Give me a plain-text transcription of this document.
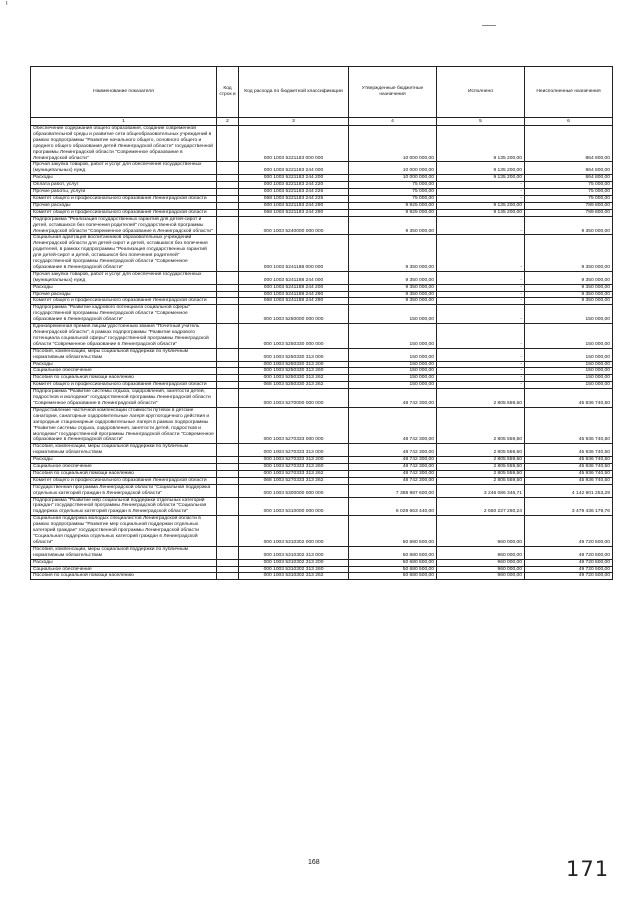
ι
Наименование показателя	Код строк и	Код расхода по бюджетной классификации	Утвержденные бюджетные назначения	Исполнено	Неисполненные назначения
1	2	3	4	5	6
Обеспечение содержания общего образования, создание современной образовательной среды и развитие сети общеобразовательных учреждений в рамках подпрограммы "Развитие начального общего, основного общего и среднего общего образования детей Ленинградской области" государственной программы Ленинградской области "Современное образование в Ленинградской области"		000 1003 5221183 000 000	10 000 000,00	9 135 200,00	864 800,00
Прочая закупка товаров, работ и услуг для обеспечения государственных (муниципальных) нужд		000 1003 5221183 244 000	10 000 000,00	9 135 200,00	864 800,00
Расходы		000 1003 5221183 244 200	10 000 000,00	9 135 200,00	864 800,00
Оплата работ, услуг		000 1003 5221183 244 220	75 000,00	-	75 000,00
Прочие работы, услуги		000 1003 5221183 244 226	75 000,00	-	75 000,00
Комитет общего и профессионального образования Ленинградской области		068 1003 5221183 244 226	75 000,00	-	75 000,00
Прочие расходы		000 1003 5221183 244 290	9 925 000,00	9 135 200,00	789 800,00
Комитет общего и профессионального образования Ленинградской области		068 1003 5221183 244 290	9 925 000,00	9 135 200,00	789 800,00
Подпрограмма "Реализация государственных гарантий для детей-сирот и детей, оставшихся без попечения родителей" государственной программы Ленинградской области "Современное образование в Ленинградской области"		000 1003 5240000 000 000	9 350 000,00	-	9 350 000,00
Социальная адаптация воспитанников образовательных учреждений Ленинградской области для детей-сирот и детей, оставшихся без попечения родителей, в рамках подпрограммы "Реализация государственных гарантий для детей-сирот и детей, оставшихся без попечения родителей" государственной программы Ленинградской области "Современное образование в Ленинградской области"		000 1003 5241188 000 000	9 350 000,00	-	9 350 000,00
Прочая закупка товаров, работ и услуг для обеспечения государственных (муниципальных) нужд		000 1003 5241188 244 000	9 350 000,00	-	9 350 000,00
Расходы		000 1003 5241188 244 200	9 350 000,00	-	9 350 000,00
Прочие расходы		000 1003 5241188 244 290	9 350 000,00	-	9 350 000,00
Комитет общего и профессионального образования Ленинградской области		068 1003 5241188 244 290	9 350 000,00	-	9 350 000,00
Подпрограмма "Развитие кадрового потенциала социальной сферы" государственной программы Ленинградской области "Современное образование в Ленинградской области"		000 1003 5250000 000 000	150 000,00	-	150 000,00
Единовременная премия лицам удостоенным звания "Почетный учитель Ленинградской области", в рамках подпрограммы "Развитие кадрового потенциала социальной сферы" государственной программы Ленинградской области "Современное образование в Ленинградской области"		000 1003 5250330 000 000	150 000,00	-	150 000,00
Пособия, компенсации, меры социальной поддержки по публичным нормативным обязательствам		000 1003 5250330 313 000	150 000,00	-	150 000,00
Расходы		000 1003 5250330 313 200	150 000,00	-	150 000,00
Социальное обеспечение		000 1003 5250330 313 260	150 000,00	-	150 000,00
Пособия по социальной помощи населению		000 1003 5250330 313 262	150 000,00	-	150 000,00
Комитет общего и профессионального образования Ленинградской области		068 1003 5250330 313 262	150 000,00	-	150 000,00
Подпрограмма "Развитие системы отдыха, оздоровления, занятости детей, подростков и молодежи" государственной программы Ленинградской области "Современное образование в Ленинградской области"		000 1003 5270000 000 000	48 742 300,00	2 805 559,50	45 936 740,50
Предоставление частичной компенсации стоимости путевок в детские санатории, санаторные оздоровительные лагеря круглогодичного действия и загородные стационарные оздоровительные лагеря в рамках подпрограммы "Развитие системы отдыха, оздоровления, занятости детей, подростков и молодежи" государственной программы Ленинградской области "Современное образование в Ленинградской области"		000 1003 5270333 000 000	48 742 300,00	2 805 559,50	45 936 740,50
Пособия, компенсации, меры социальной поддержки по публичным нормативным обязательствам		000 1003 5270333 313 000	48 742 300,00	2 805 559,50	45 936 740,50
Расходы		000 1003 5270333 313 200	48 742 300,00	2 805 559,50	45 936 740,50
Социальное обеспечение		000 1003 5270333 313 260	48 742 300,00	2 805 559,50	45 936 740,50
Пособия по социальной помощи населению		000 1003 5270333 313 262	48 742 300,00	2 805 559,50	45 936 740,50
Комитет общего и профессионального образования Ленинградской области		068 1003 5270333 313 262	48 742 300,00	2 805 559,50	45 936 740,50
Государственная программа Ленинградской области "Социальная поддержка отдельных категорий граждан в Ленинградской области"		000 1003 5300000 000 000	7 388 987 600,00	3 246 086 346,71	4 142 901 253,29
Подпрограмма "Развитие мер социальной поддержки отдельных категорий граждан" государственной программы Ленинградской области "Социальная поддержка отдельных категорий граждан в Ленинградской области"		000 1003 5310000 000 000	6 029 663 440,00	2 550 227 260,24	3 479 436 179,76
Социальная поддержка молодых специалистов Ленинградской области в рамках подпрограммы "Развитие мер социальной поддержки отдельных категорий граждан" государственной программы Ленинградской области "Социальная поддержка отдельных категорий граждан в Ленинградской области"		000 1003 5310302 000 000	50 680 500,00	960 000,00	49 720 500,00
Пособия, компенсации, меры социальной поддержки по публичным нормативным обязательствам		000 1003 5310302 313 000	50 680 500,00	960 000,00	49 720 500,00
Расходы		000 1003 5310302 313 200	50 680 500,00	960 000,00	49 720 500,00
Социальное обеспечение		000 1003 5310302 313 260	50 680 500,00	960 000,00	49 720 500,00
Пособия по социальной помощи населению		000 1003 5310302 313 262	50 680 500,00	960 000,00	49 720 500,00
168	171
